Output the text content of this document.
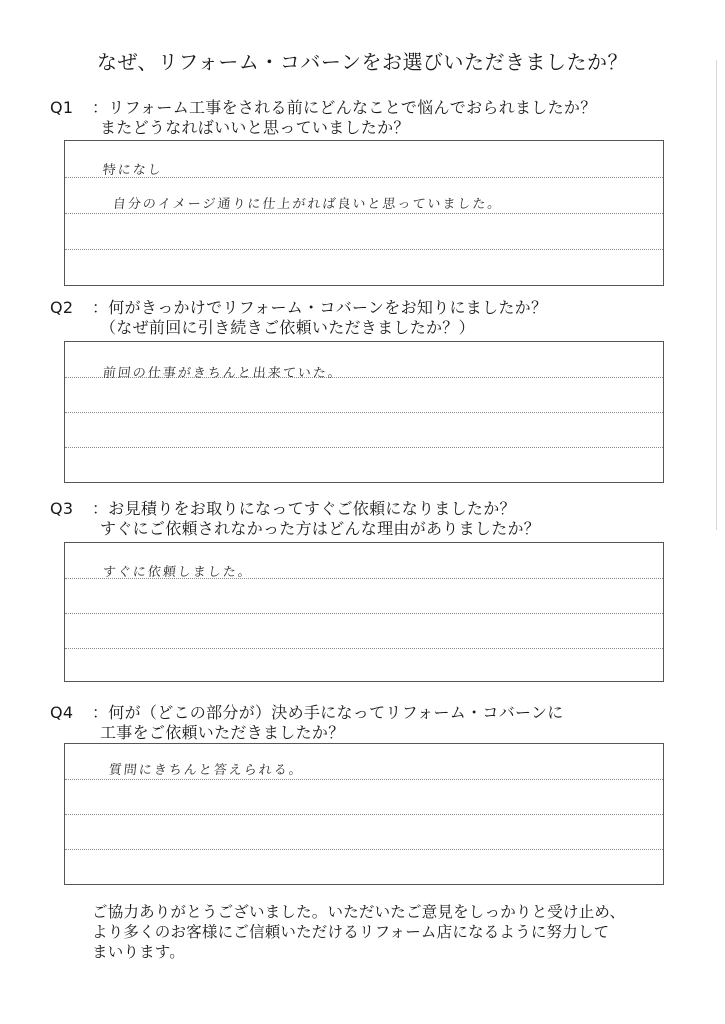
なぜ、リフォーム・コバーンをお選びいただきましたか？
Q1 ：リフォーム工事をされる前にどんなことで悩んでおられましたか？
またどうなればいいと思っていましたか？
特になし
自分のイメージ通りに仕上がれば良いと思っていました。
Q2 ：何がきっかけでリフォーム・コバーンをお知りにましたか？
（なぜ前回に引き続きご依頼いただきましたか？）
前回の仕事がきちんと出来ていた。
Q3 ：お見積りをお取りになってすぐご依頼になりましたか？
すぐにご依頼されなかった方はどんな理由がありましたか？
すぐに依頼しました。
Q4 ：何が（どこの部分が）決め手になってリフォーム・コバーンに
工事をご依頼いただきましたか？
質問にきちんと答えられる。
ご協力ありがとうございました。いただいたご意見をしっかりと受け止め、
より多くのお客様にご信頼いただけるリフォーム店になるように努力して
まいります。
